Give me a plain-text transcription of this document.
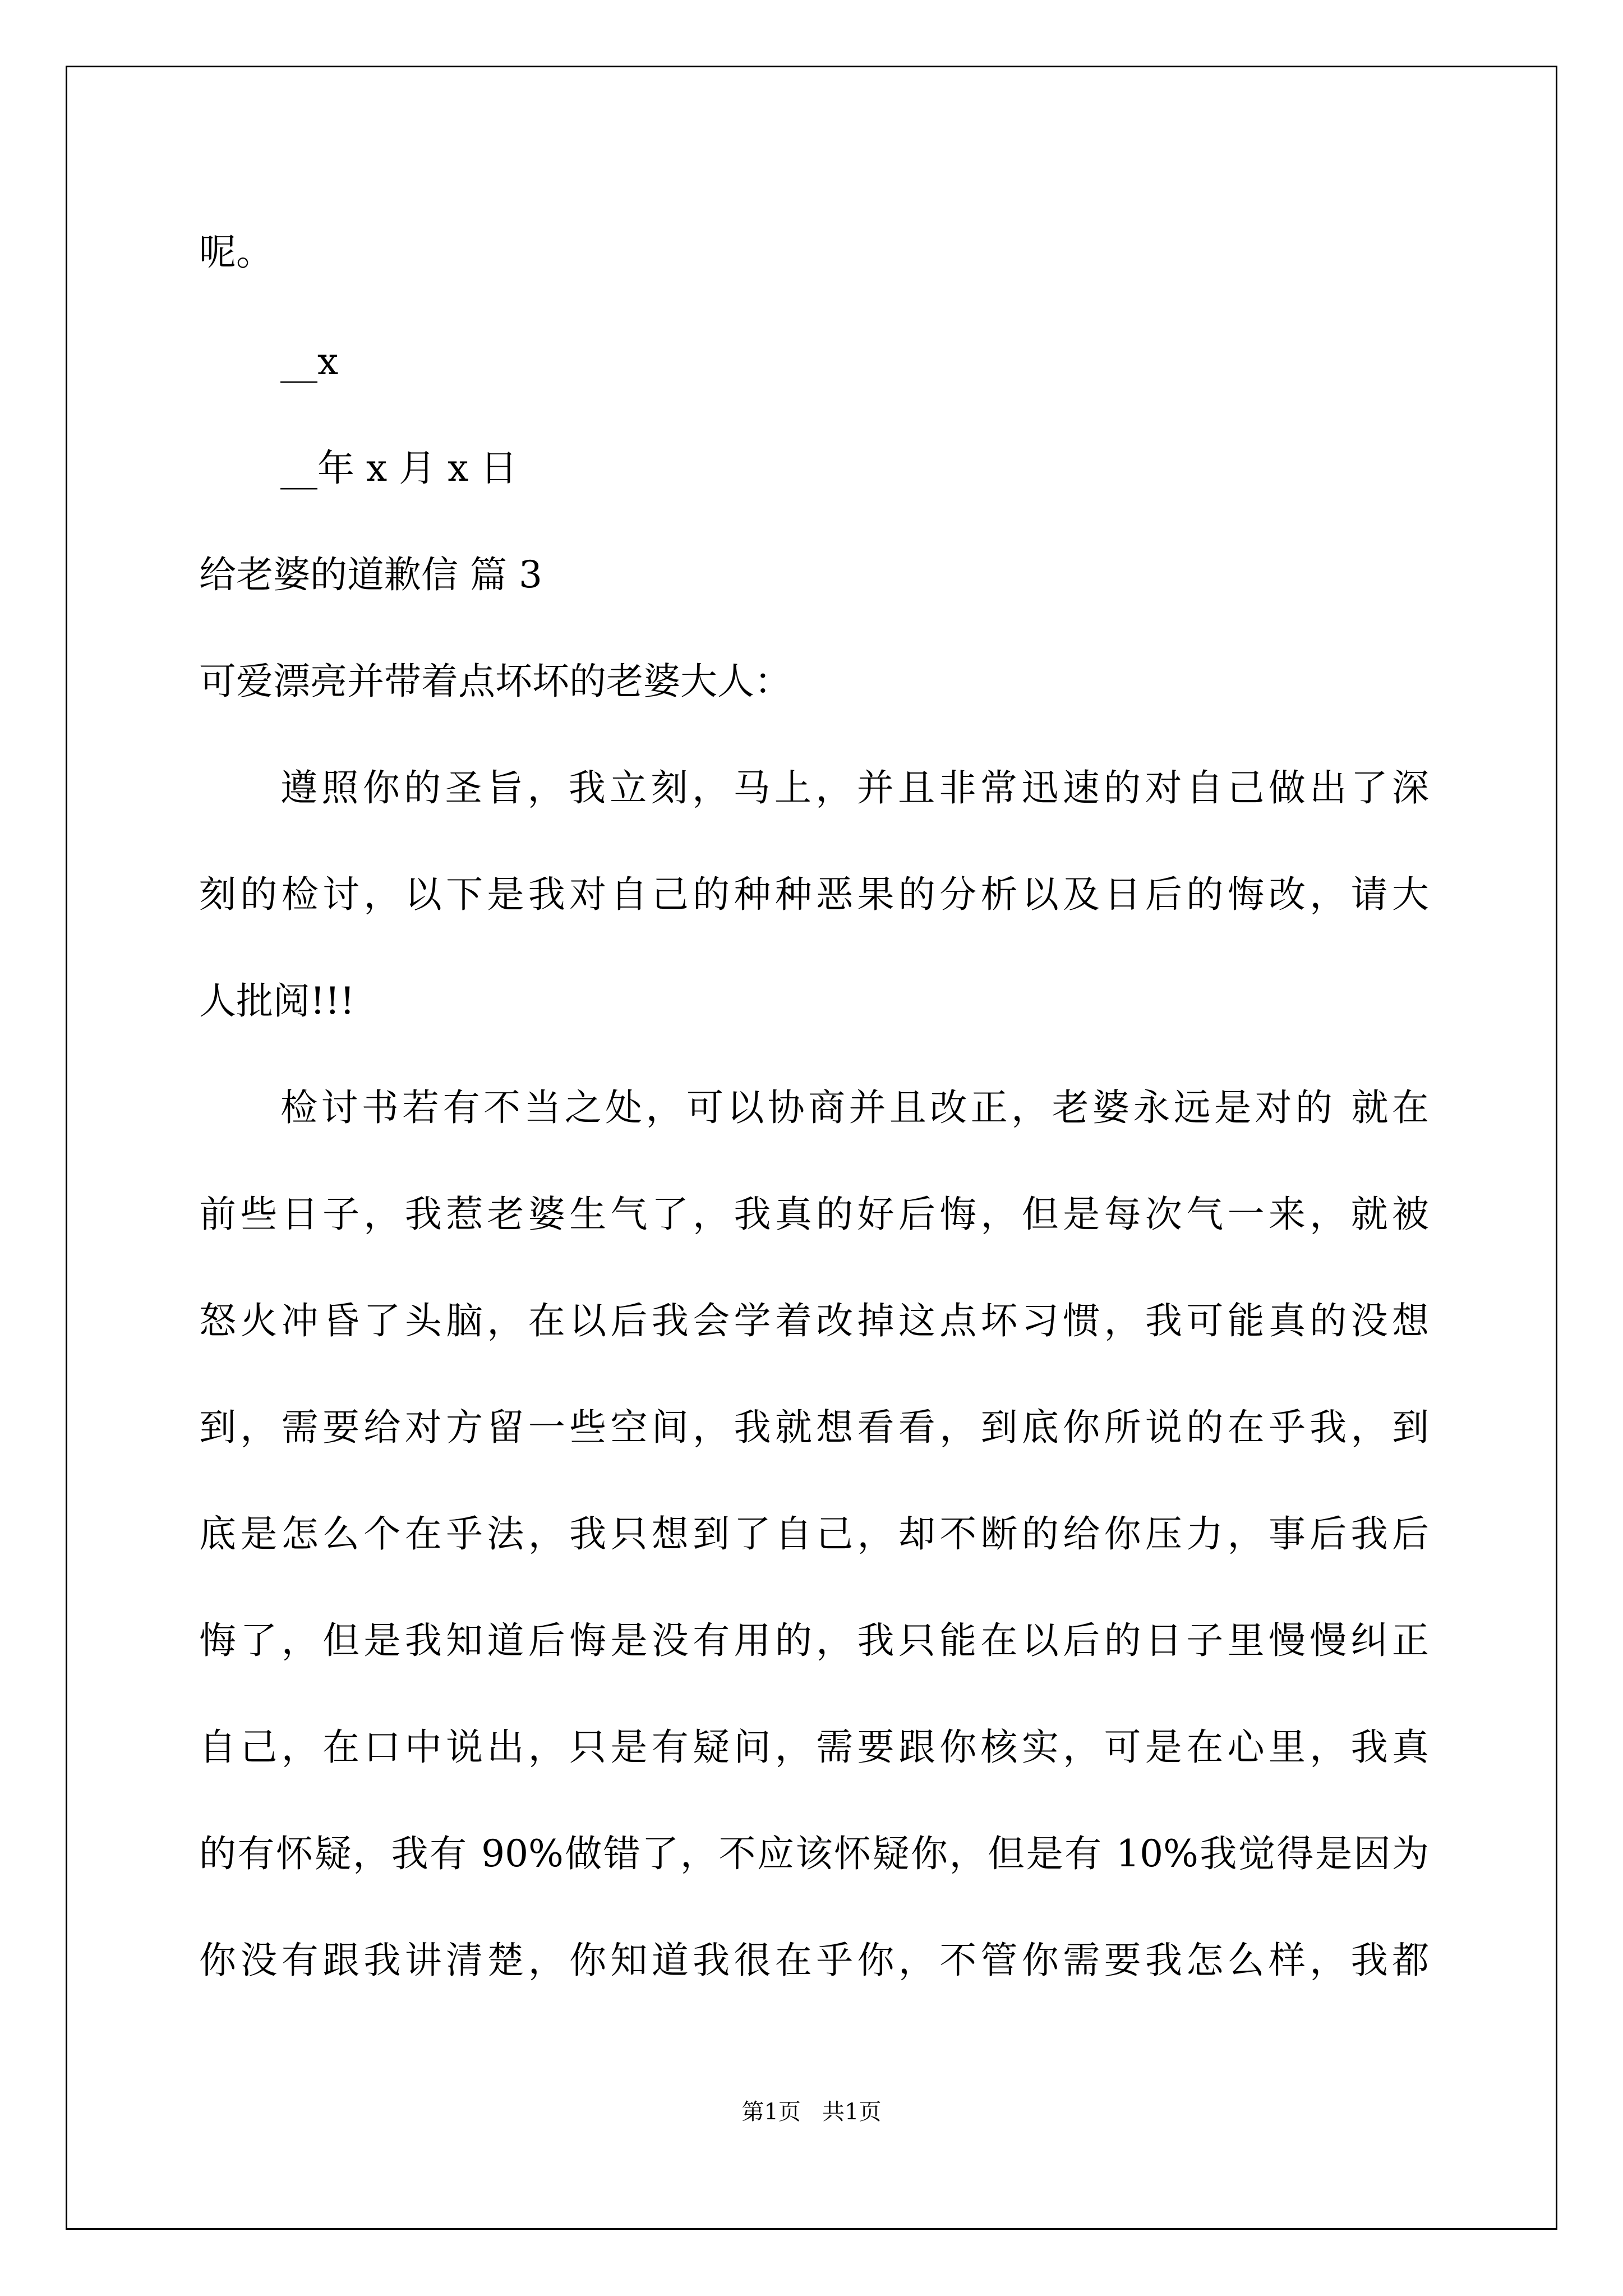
呢。

__x

__年 x 月 x 日

给老婆的道歉信 篇 3

可爱漂亮并带着点坏坏的老婆大人：

遵照你的圣旨，我立刻，马上，并且非常迅速的对自己做出了深

刻的检讨，以下是我对自己的种种恶果的分析以及日后的悔改，请大

人批阅!!!

检讨书若有不当之处，可以协商并且改正，老婆永远是对的 就在

前些日子，我惹老婆生气了，我真的好后悔，但是每次气一来，就被

怒火冲昏了头脑，在以后我会学着改掉这点坏习惯，我可能真的没想

到，需要给对方留一些空间，我就想看看，到底你所说的在乎我，到

底是怎么个在乎法，我只想到了自己，却不断的给你压力，事后我后

悔了，但是我知道后悔是没有用的，我只能在以后的日子里慢慢纠正

自己，在口中说出，只是有疑问，需要跟你核实，可是在心里，我真

的有怀疑，我有 90%做错了，不应该怀疑你，但是有 10%我觉得是因为

你没有跟我讲清楚，你知道我很在乎你，不管你需要我怎么样，我都

第1页   共1页
